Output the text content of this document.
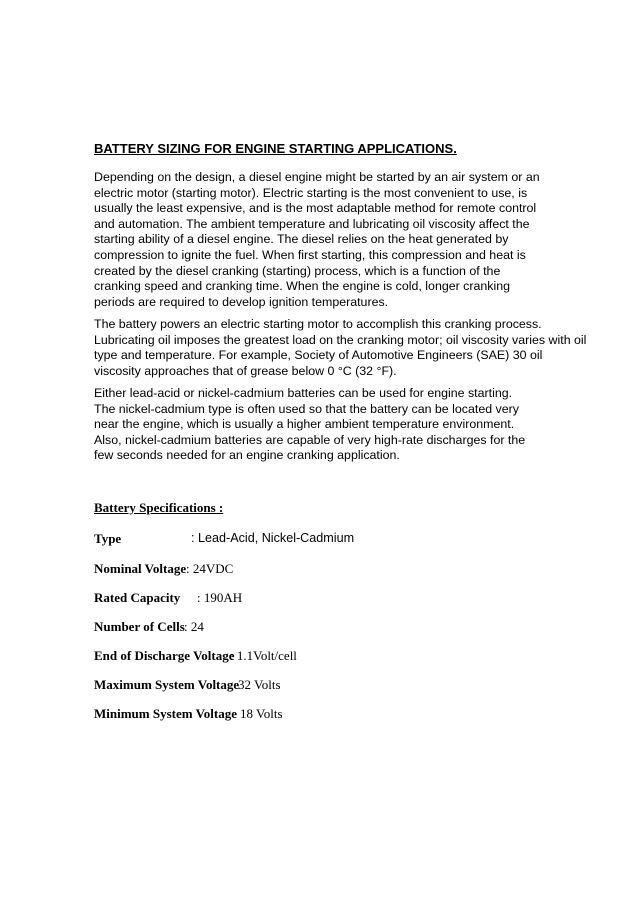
BATTERY SIZING FOR ENGINE STARTING APPLICATIONS.
Depending on the design, a diesel engine might be started by an air system or an
electric motor (starting motor). Electric starting is the most convenient to use, is
usually the least expensive, and is the most adaptable method for remote control
and automation. The ambient temperature and lubricating oil viscosity affect the
starting ability of a diesel engine. The diesel relies on the heat generated by
compression to ignite the fuel. When first starting, this compression and heat is
created by the diesel cranking (starting) process, which is a function of the
cranking speed and cranking time. When the engine is cold, longer cranking
periods are required to develop ignition temperatures.
The battery powers an electric starting motor to accomplish this cranking process.
Lubricating oil imposes the greatest load on the cranking motor; oil viscosity varies with oil
type and temperature. For example, Society of Automotive Engineers (SAE) 30 oil
viscosity approaches that of grease below 0 °C (32 °F).
Either lead-acid or nickel-cadmium batteries can be used for engine starting.
The nickel-cadmium type is often used so that the battery can be located very
near the engine, which is usually a higher ambient temperature environment.
Also, nickel-cadmium batteries are capable of very high-rate discharges for the
few seconds needed for an engine cranking application.
Battery Specifications :
Type	: Lead-Acid, Nickel-Cadmium
Nominal Voltage : 24VDC
Rated Capacity : 190AH
Number of Cells : 24
End of Discharge Voltage
: 1.1Volt/cell
Maximum System Voltage
32 Volts
Minimum System Voltage 18 Volts
